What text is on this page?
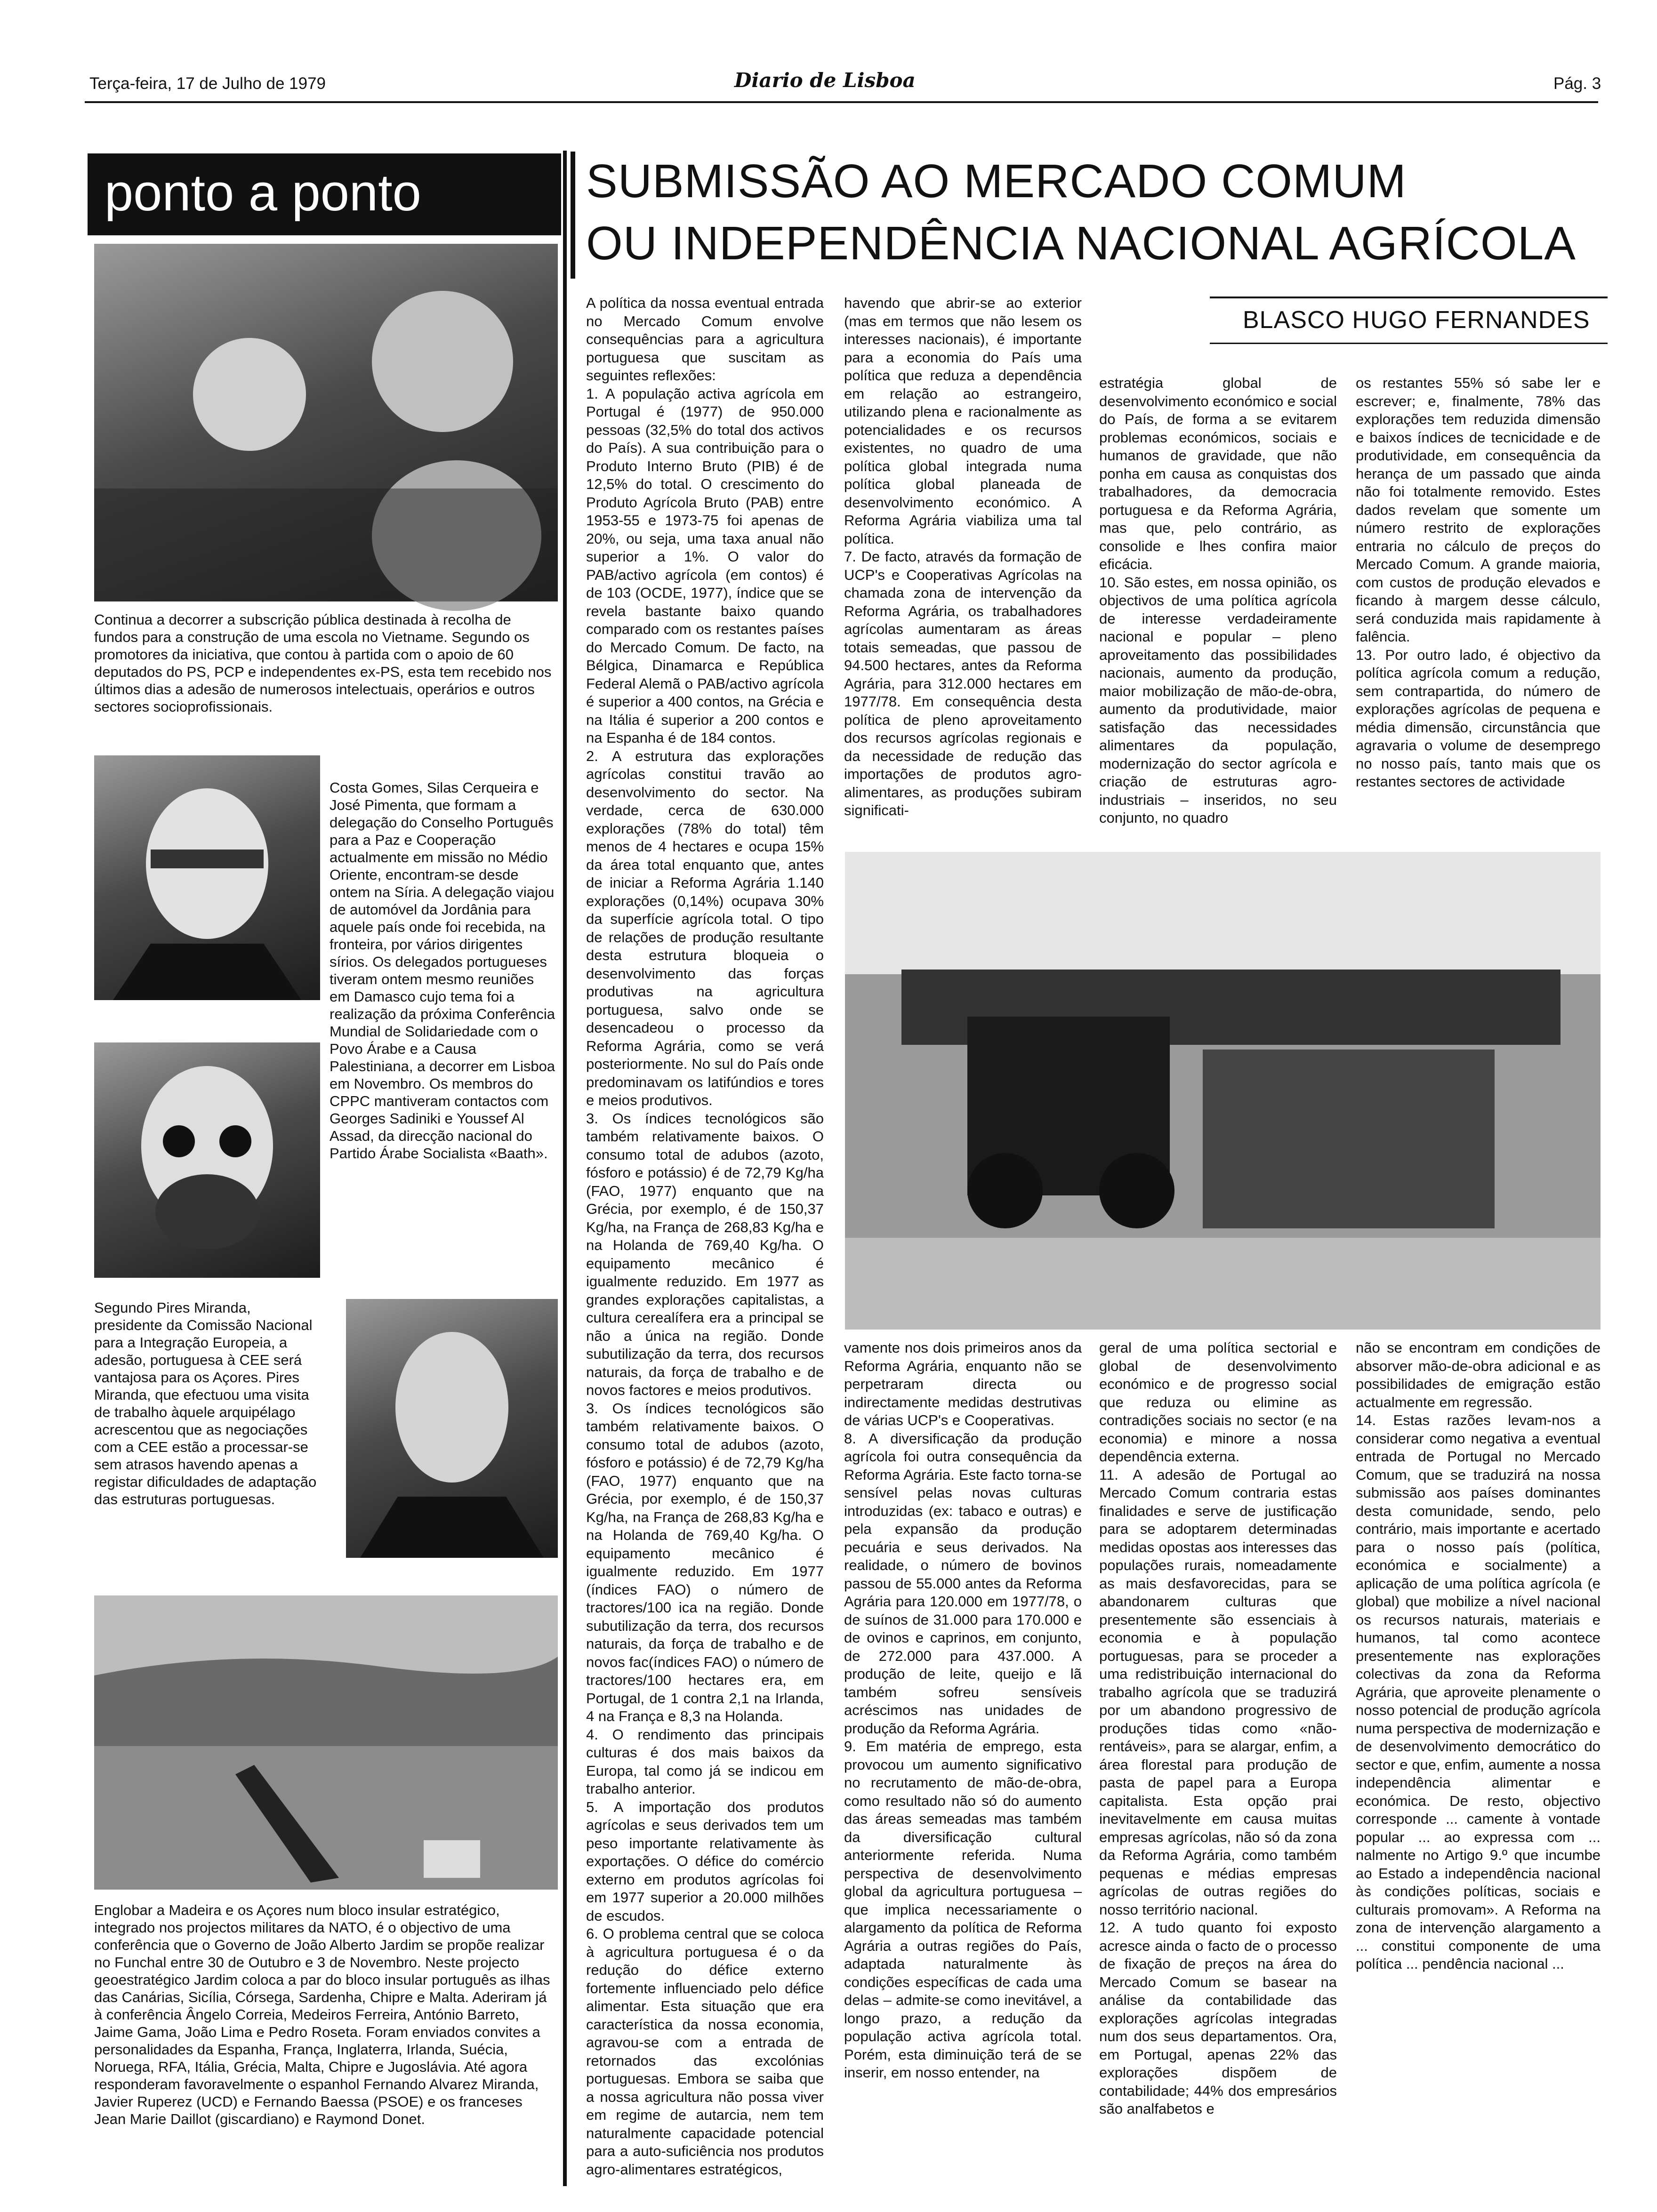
Terça-feira, 17 de Julho de 1979	Diario de Lisboa	Pág. 3
ponto a ponto
Continua a decorrer a subscrição pública destinada à recolha de fundos para a construção de uma escola no Vietname. Segundo os promotores da iniciativa, que contou à partida com o apoio de 60 deputados do PS, PCP e independentes ex-PS, esta tem recebido nos últimos dias a adesão de numerosos intelectuais, operários e outros sectores socioprofissionais.
Costa Gomes, Silas Cerqueira e José Pimenta, que formam a delegação do Conselho Português para a Paz e Cooperação actualmente em missão no Médio Oriente, encontram-se desde ontem na Síria. A delegação viajou de automóvel da Jordânia para aquele país onde foi recebida, na fronteira, por vários dirigentes sírios. Os delegados portugueses tiveram ontem mesmo reuniões em Damasco cujo tema foi a realização da próxima Conferência Mundial de Solidariedade com o Povo Árabe e a Causa Palestiniana, a decorrer em Lisboa em Novembro. Os membros do CPPC mantiveram contactos com Georges Sadiniki e Youssef Al Assad, da direcção nacional do Partido Árabe Socialista «Baath».
Segundo Pires Miranda, presidente da Comissão Nacional para a Integração Europeia, a adesão, portuguesa à CEE será vantajosa para os Açores. Pires Miranda, que efectuou uma visita de trabalho àquele arquipélago acrescentou que as negociações com a CEE estão a processar-se sem atrasos havendo apenas a registar dificuldades de adaptação das estruturas portuguesas.
Englobar a Madeira e os Açores num bloco insular estratégico, integrado nos projectos militares da NATO, é o objectivo de uma conferência que o Governo de João Alberto Jardim se propõe realizar no Funchal entre 30 de Outubro e 3 de Novembro. Neste projecto geoestratégico Jardim coloca a par do bloco insular português as ilhas das Canárias, Sicília, Córsega, Sardenha, Chipre e Malta. Aderiram já à conferência Ângelo Correia, Medeiros Ferreira, António Barreto, Jaime Gama, João Lima e Pedro Roseta. Foram enviados convites a personalidades da Espanha, França, Inglaterra, Irlanda, Suécia, Noruega, RFA, Itália, Grécia, Malta, Chipre e Jugoslávia. Até agora responderam favoravelmente o espanhol Fernando Alvarez Miranda, Javier Ruperez (UCD) e Fernando Baessa (PSOE) e os franceses Jean Marie Daillot (giscardiano) e Raymond Donet.
SUBMISSÃO AO MERCADO COMUM
OU INDEPENDÊNCIA NACIONAL AGRÍCOLA
BLASCO HUGO FERNANDES
A política da nossa eventual entrada no Mercado Comum envolve consequências para a agricultura portuguesa que suscitam as seguintes reflexões:
1. A população activa agrícola em Portugal é (1977) de 950.000 pessoas (32,5% do total dos activos do País). A sua contribuição para o Produto Interno Bruto (PIB) é de 12,5% do total. O crescimento do Produto Agrícola Bruto (PAB) entre 1953-55 e 1973-75 foi apenas de 20%, ou seja, uma taxa anual não superior a 1%. O valor do PAB/activo agrícola (em contos) é de 103 (OCDE, 1977), índice que se revela bastante baixo quando comparado com os restantes países do Mercado Comum. De facto, na Bélgica, Dinamarca e República Federal Alemã o PAB/activo agrícola é superior a 400 contos, na Grécia e na Itália é superior a 200 contos e na Espanha é de 184 contos.
2. A estrutura das explorações agrícolas constitui travão ao desenvolvimento do sector. Na verdade, cerca de 630.000 explorações (78% do total) têm menos de 4 hectares e ocupa 15% da área total enquanto que, antes de iniciar a Reforma Agrária 1.140 explorações (0,14%) ocupava 30% da superfície agrícola total. O tipo de relações de produção resultante desta estrutura bloqueia o desenvolvimento das forças produtivas na agricultura portuguesa, salvo onde se desencadeou o processo da Reforma Agrária, como se verá posteriormente. No sul do País onde predominavam os latifúndios e tores e meios produtivos.
3. Os índices tecnológicos são também relativamente baixos. O consumo total de adubos (azoto, fósforo e potássio) é de 72,79 Kg/ha (FAO, 1977) enquanto que na Grécia, por exemplo, é de 150,37 Kg/ha, na França de 268,83 Kg/ha e na Holanda de 769,40 Kg/ha. O equipamento mecânico é igualmente reduzido. Em 1977 as grandes explorações capitalistas, a cultura cerealífera era a principal se não a única na região. Donde subutilização da terra, dos recursos naturais, da força de trabalho e de novos factores e meios produtivos.
3. Os índices tecnológicos são também relativamente baixos. O consumo total de adubos (azoto, fósforo e potássio) é de 72,79 Kg/ha (FAO, 1977) enquanto que na Grécia, por exemplo, é de 150,37 Kg/ha, na França de 268,83 Kg/ha e na Holanda de 769,40 Kg/ha. O equipamento mecânico é igualmente reduzido. Em 1977 (índices FAO) o número de tractores/100 ica na região. Donde subutilização da terra, dos recursos naturais, da força de trabalho e de novos fac(índices FAO) o número de tractores/100 hectares era, em Portugal, de 1 contra 2,1 na Irlanda, 4 na França e 8,3 na Holanda.
4. O rendimento das principais culturas é dos mais baixos da Europa, tal como já se indicou em trabalho anterior.
5. A importação dos produtos agrícolas e seus derivados tem um peso importante relativamente às exportações. O défice do comércio externo em produtos agrícolas foi em 1977 superior a 20.000 milhões de escudos.
6. O problema central que se coloca à agricultura portuguesa é o da redução do défice externo fortemente influenciado pelo défice alimentar. Esta situação que era característica da nossa economia, agravou-se com a entrada de retornados das excolónias portuguesas. Embora se saiba que a nossa agricultura não possa viver em regime de autarcia, nem tem naturalmente capacidade potencial para a auto-suficiência nos produtos agro-alimentares estratégicos,
havendo que abrir-se ao exterior (mas em termos que não lesem os interesses nacionais), é importante para a economia do País uma política que reduza a dependência em relação ao estrangeiro, utilizando plena e racionalmente as potencialidades e os recursos existentes, no quadro de uma política global integrada numa política global planeada de desenvolvimento económico. A Reforma Agrária viabiliza uma tal política.
7. De facto, através da formação de UCP's e Cooperativas Agrícolas na chamada zona de intervenção da Reforma Agrária, os trabalhadores agrícolas aumentaram as áreas totais semeadas, que passou de 94.500 hectares, antes da Reforma Agrária, para 312.000 hectares em 1977/78. Em consequência desta política de pleno aproveitamento dos recursos agrícolas regionais e da necessidade de redução das importações de produtos agro-alimentares, as produções subiram significati-
estratégia global de desenvolvimento económico e social do País, de forma a se evitarem problemas económicos, sociais e humanos de gravidade, que não ponha em causa as conquistas dos trabalhadores, da democracia portuguesa e da Reforma Agrária, mas que, pelo contrário, as consolide e lhes confira maior eficácia.
10. São estes, em nossa opinião, os objectivos de uma política agrícola de interesse verdadeiramente nacional e popular – pleno aproveitamento das possibilidades nacionais, aumento da produção, maior mobilização de mão-de-obra, aumento da produtividade, maior satisfação das necessidades alimentares da população, modernização do sector agrícola e criação de estruturas agro-industriais – inseridos, no seu conjunto, no quadro
os restantes 55% só sabe ler e escrever; e, finalmente, 78% das explorações tem reduzida dimensão e baixos índices de tecnicidade e de produtividade, em consequência da herança de um passado que ainda não foi totalmente removido. Estes dados revelam que somente um número restrito de explorações entraria no cálculo de preços do Mercado Comum. A grande maioria, com custos de produção elevados e ficando à margem desse cálculo, será conduzida mais rapidamente à falência.
13. Por outro lado, é objectivo da política agrícola comum a redução, sem contrapartida, do número de explorações agrícolas de pequena e média dimensão, circunstância que agravaria o volume de desemprego no nosso país, tanto mais que os restantes sectores de actividade
vamente nos dois primeiros anos da Reforma Agrária, enquanto não se perpetraram directa ou indirectamente medidas destrutivas de várias UCP's e Cooperativas.
8. A diversificação da produção agrícola foi outra consequência da Reforma Agrária. Este facto torna-se sensível pelas novas culturas introduzidas (ex: tabaco e outras) e pela expansão da produção pecuária e seus derivados. Na realidade, o número de bovinos passou de 55.000 antes da Reforma Agrária para 120.000 em 1977/78, o de suínos de 31.000 para 170.000 e de ovinos e caprinos, em conjunto, de 272.000 para 437.000. A produção de leite, queijo e lã também sofreu sensíveis acréscimos nas unidades de produção da Reforma Agrária.
9. Em matéria de emprego, esta provocou um aumento significativo no recrutamento de mão-de-obra, como resultado não só do aumento das áreas semeadas mas também da diversificação cultural anteriormente referida. Numa perspectiva de desenvolvimento global da agricultura portuguesa – que implica necessariamente o alargamento da política de Reforma Agrária a outras regiões do País, adaptada naturalmente às condições específicas de cada uma delas – admite-se como inevitável, a longo prazo, a redução da população activa agrícola total. Porém, esta diminuição terá de se inserir, em nosso entender, na
geral de uma política sectorial e global de desenvolvimento económico e de progresso social que reduza ou elimine as contradições sociais no sector (e na economia) e minore a nossa dependência externa.
11. A adesão de Portugal ao Mercado Comum contraria estas finalidades e serve de justificação para se adoptarem determinadas medidas opostas aos interesses das populações rurais, nomeadamente as mais desfavorecidas, para se abandonarem culturas que presentemente são essenciais à economia e à população portuguesas, para se proceder a uma redistribuição internacional do trabalho agrícola que se traduzirá por um abandono progressivo de produções tidas como «não-rentáveis», para se alargar, enfim, a área florestal para produção de pasta de papel para a Europa capitalista. Esta opção prai inevitavelmente em causa muitas empresas agrícolas, não só da zona da Reforma Agrária, como também pequenas e médias empresas agrícolas de outras regiões do nosso território nacional.
12. A tudo quanto foi exposto acresce ainda o facto de o processo de fixação de preços na área do Mercado Comum se basear na análise da contabilidade das explorações agrícolas integradas num dos seus departamentos. Ora, em Portugal, apenas 22% das explorações dispõem de contabilidade; 44% dos empresários são analfabetos e
não se encontram em condições de absorver mão-de-obra adicional e as possibilidades de emigração estão actualmente em regressão.
14. Estas razões levam-nos a considerar como negativa a eventual entrada de Portugal no Mercado Comum, que se traduzirá na nossa submissão aos países dominantes desta comunidade, sendo, pelo contrário, mais importante e acertado para o nosso país (política, económica e socialmente) a aplicação de uma política agrícola (e global) que mobilize a nível nacional os recursos naturais, materiais e humanos, tal como acontece presentemente nas explorações colectivas da zona da Reforma Agrária, que aproveite plenamente o nosso potencial de produção agrícola numa perspectiva de modernização e de desenvolvimento democrático do sector e que, enfim, aumente a nossa independência alimentar e económica. De resto, objectivo corresponde ... camente à vontade popular ... ao expressa com ... nalmente no Artigo 9.º que incumbe ao Estado a independência nacional às condições políticas, sociais e culturais promovam». A Reforma na zona de intervenção alargamento a ... constitui componente de uma política ... pendência nacional ...
